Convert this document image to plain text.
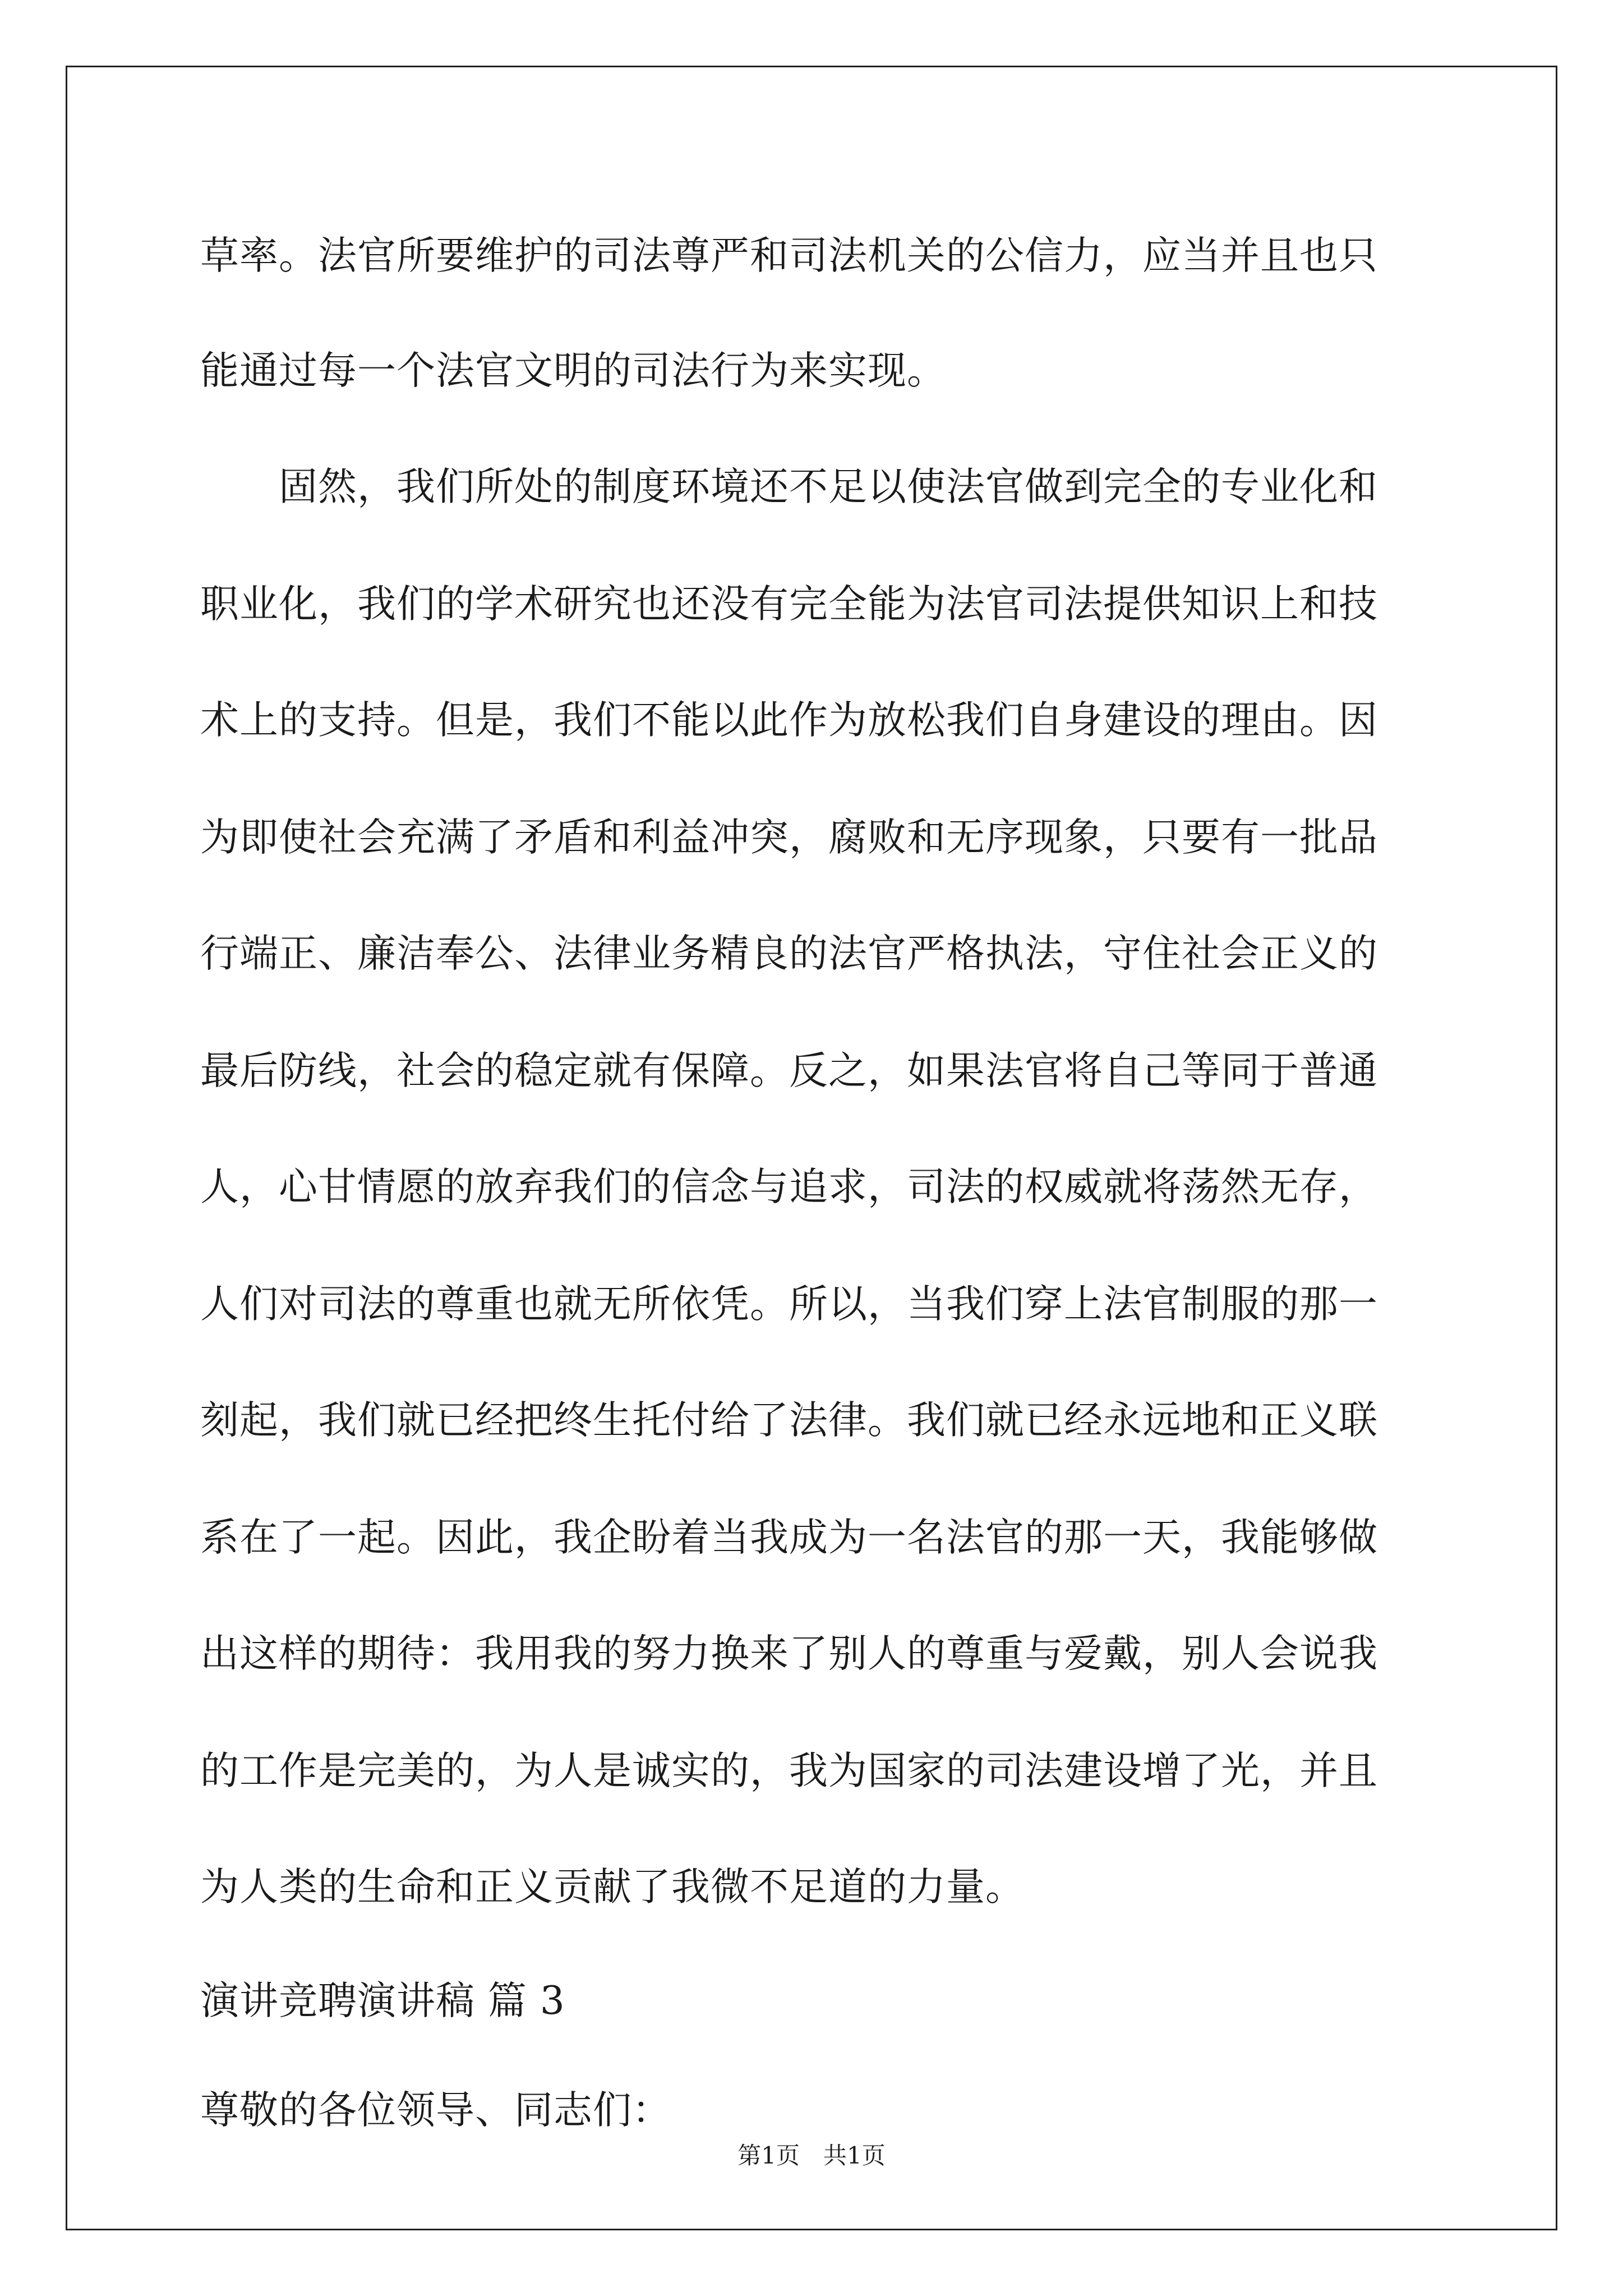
草率。法官所要维护的司法尊严和司法机关的公信力，应当并且也只
能通过每一个法官文明的司法行为来实现。
　　固然，我们所处的制度环境还不足以使法官做到完全的专业化和
职业化，我们的学术研究也还没有完全能为法官司法提供知识上和技
术上的支持。但是，我们不能以此作为放松我们自身建设的理由。因
为即使社会充满了矛盾和利益冲突，腐败和无序现象，只要有一批品
行端正、廉洁奉公、法律业务精良的法官严格执法，守住社会正义的
最后防线，社会的稳定就有保障。反之，如果法官将自己等同于普通
人，心甘情愿的放弃我们的信念与追求，司法的权威就将荡然无存，
人们对司法的尊重也就无所依凭。所以，当我们穿上法官制服的那一
刻起，我们就已经把终生托付给了法律。我们就已经永远地和正义联
系在了一起。因此，我企盼着当我成为一名法官的那一天，我能够做
出这样的期待：我用我的努力换来了别人的尊重与爱戴，别人会说我
的工作是完美的，为人是诚实的，我为国家的司法建设增了光，并且
为人类的生命和正义贡献了我微不足道的力量。
演讲竞聘演讲稿 篇 3
尊敬的各位领导、同志们：
第1页　共1页
